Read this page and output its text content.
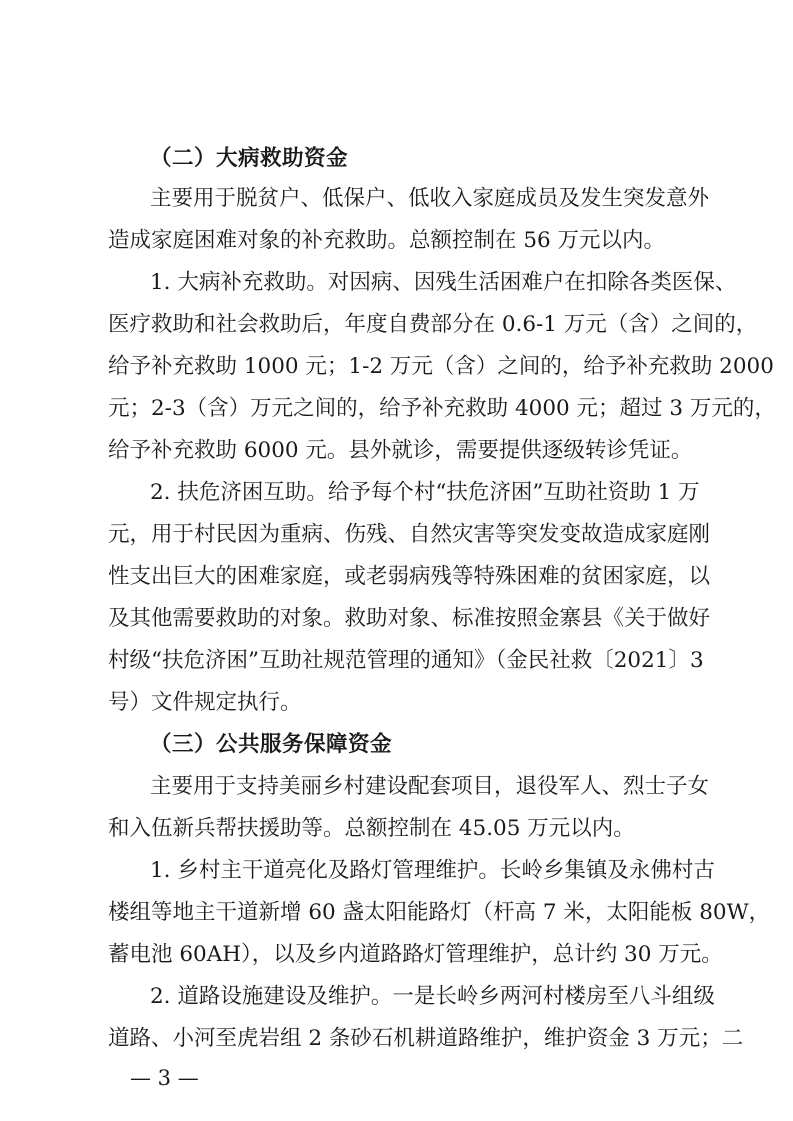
（二）大病救助资金
主要用于脱贫户、低保户、低收入家庭成员及发生突发意外
造成家庭困难对象的补充救助。总额控制在 56 万元以内。
1. 大病补充救助。对因病、因残生活困难户在扣除各类医保、
医疗救助和社会救助后，年度自费部分在 0.6-1 万元（含）之间的，
给予补充救助 1000 元；1-2 万元（含）之间的，给予补充救助 2000
元；2-3（含）万元之间的，给予补充救助 4000 元；超过 3 万元的，
给予补充救助 6000 元。县外就诊，需要提供逐级转诊凭证。
2. 扶危济困互助。给予每个村“扶危济困”互助社资助 1 万
元，用于村民因为重病、伤残、自然灾害等突发变故造成家庭刚
性支出巨大的困难家庭，或老弱病残等特殊困难的贫困家庭，以
及其他需要救助的对象。救助对象、标准按照金寨县《关于做好
村级“扶危济困”互助社规范管理的通知》（金民社救〔2021〕3
号）文件规定执行。
（三）公共服务保障资金
主要用于支持美丽乡村建设配套项目，退役军人、烈士子女
和入伍新兵帮扶援助等。总额控制在 45.05 万元以内。
1. 乡村主干道亮化及路灯管理维护。长岭乡集镇及永佛村古
楼组等地主干道新增 60 盏太阳能路灯（杆高 7 米，太阳能板 80W，
蓄电池 60AH），以及乡内道路路灯管理维护，总计约 30 万元。
2. 道路设施建设及维护。一是长岭乡两河村楼房至八斗组级
道路、小河至虎岩组 2 条砂石机耕道路维护，维护资金 3 万元；二
— 3 —
